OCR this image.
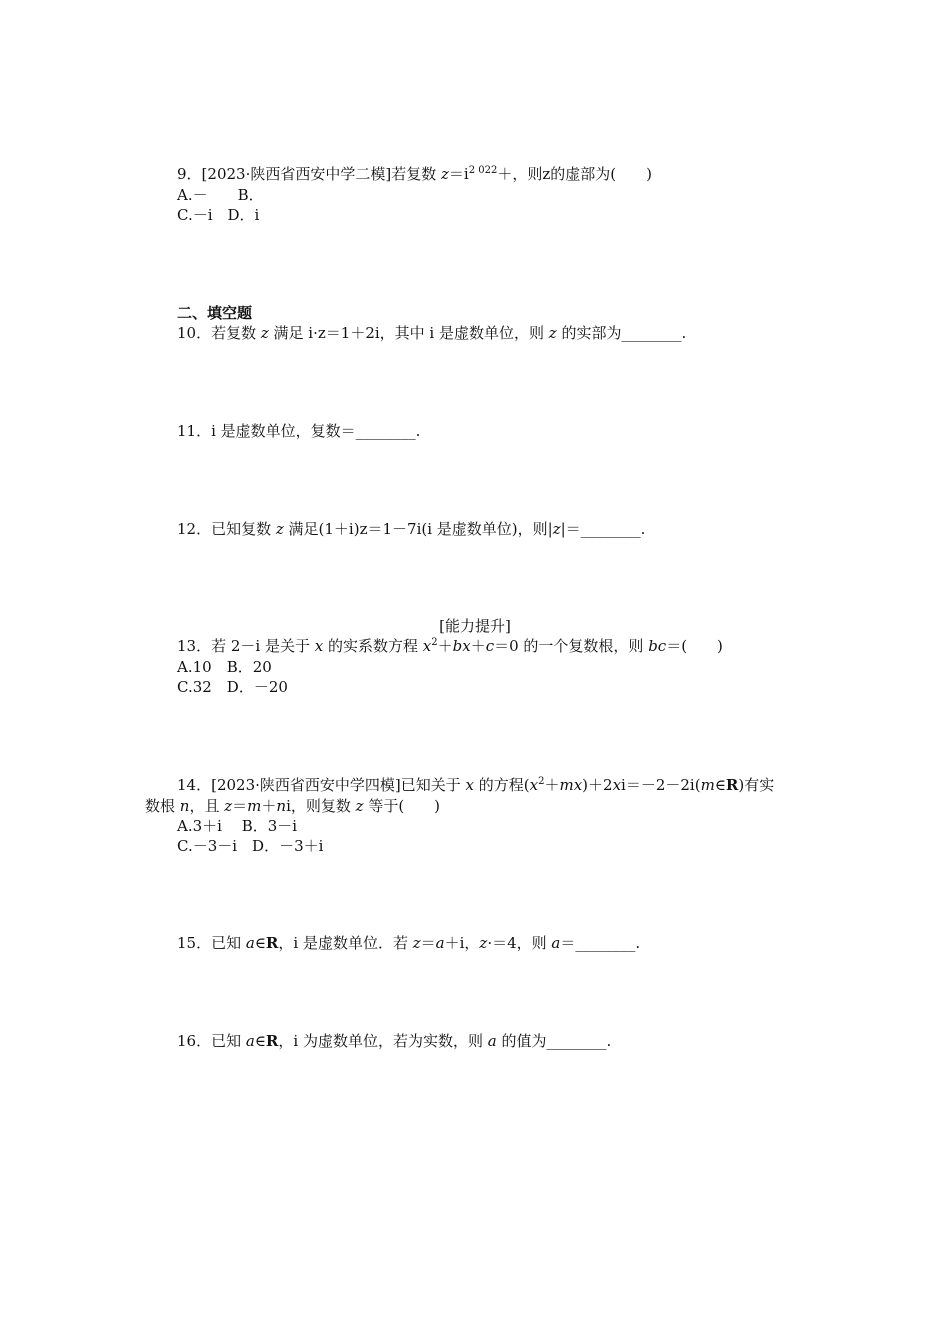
9．[2023·陕西省西安中学二模]若复数 $z=i^{2 022}+$，则z的虚部为(　　)
A.－　　B．
C.－i　D．i
二、填空题
10．若复数 z 满足 i·z＝1＋2i，其中 i 是虚数单位，则 z 的实部为________.
11．i 是虚数单位，复数＝________.
12．已知复数 z 满足(1＋i)z＝1－7i(i 是虚数单位)，则|z|＝________.
[能力提升]
13．若 2－i 是关于 x 的实系数方程 $x^2+bx+c=0$ 的一个复数根，则 bc＝(　　)
A.10　B．20
C.32　D．－20
14．[2023·陕西省西安中学四模]已知关于 x 的方程$(x^2+mx)+2xi=-2-2i(m\in R)$有实
数根 n，且 z＝m＋ni，则复数 z 等于(　　)
A.3＋i　 B．3－i
C.－3－i　D．－3＋i
15．已知 a∈R，i 是虚数单位．若 z＝a＋i，z·＝4，则 a＝________.
16．已知 a∈R，i 为虚数单位，若为实数，则 a 的值为________.
